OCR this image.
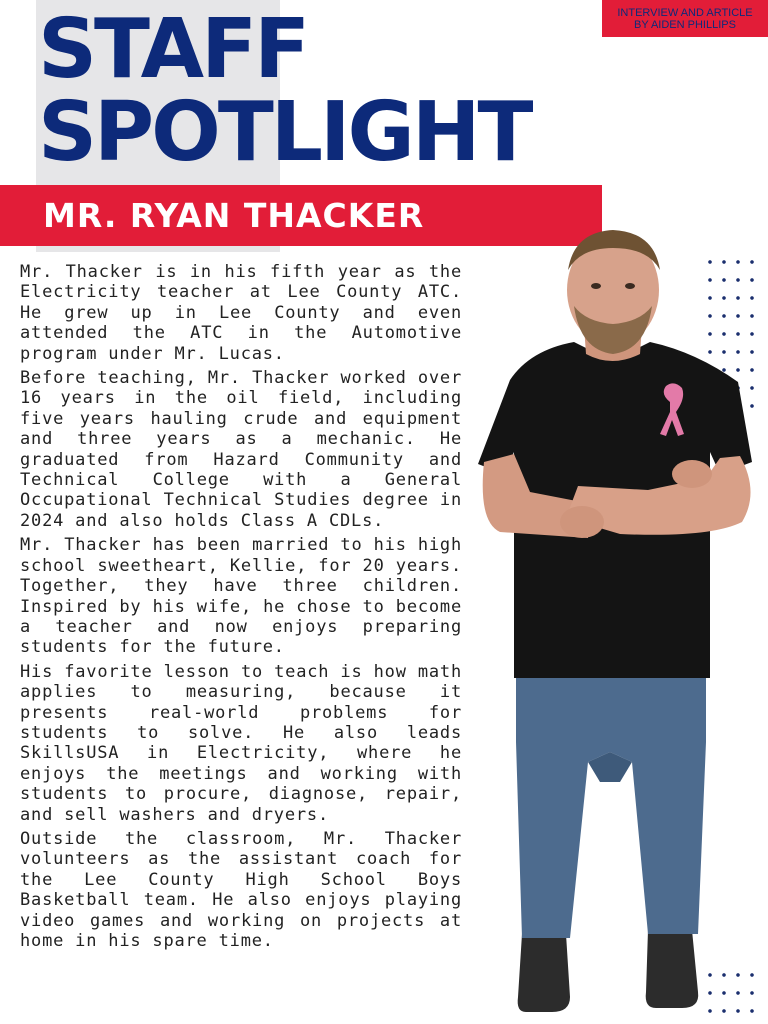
STAFF
SPOTLIGHT
INTERVIEW AND ARTICLE
BY AIDEN PHILLIPS
MR. RYAN THACKER

Mr. Thacker is in his fifth year as the Electricity teacher at Lee County ATC. He grew up in Lee County and even attended the ATC in the Automotive program under Mr. Lucas.

Before teaching, Mr. Thacker worked over 16 years in the oil field, including five years hauling crude and equipment and three years as a mechanic. He graduated from Hazard Community and Technical College with a General Occupational Technical Studies degree in 2024 and also holds Class A CDLs.

Mr. Thacker has been married to his high school sweetheart, Kellie, for 20 years. Together, they have three children. Inspired by his wife, he chose to become a teacher and now enjoys preparing students for the future.

His favorite lesson to teach is how math applies to measuring, because it presents real-world problems for students to solve. He also leads SkillsUSA in Electricity, where he enjoys the meetings and working with students to procure, diagnose, repair, and sell washers and dryers.

Outside the classroom, Mr. Thacker volunteers as the assistant coach for the Lee County High School Boys Basketball team. He also enjoys playing video games and working on projects at home in his spare time.
